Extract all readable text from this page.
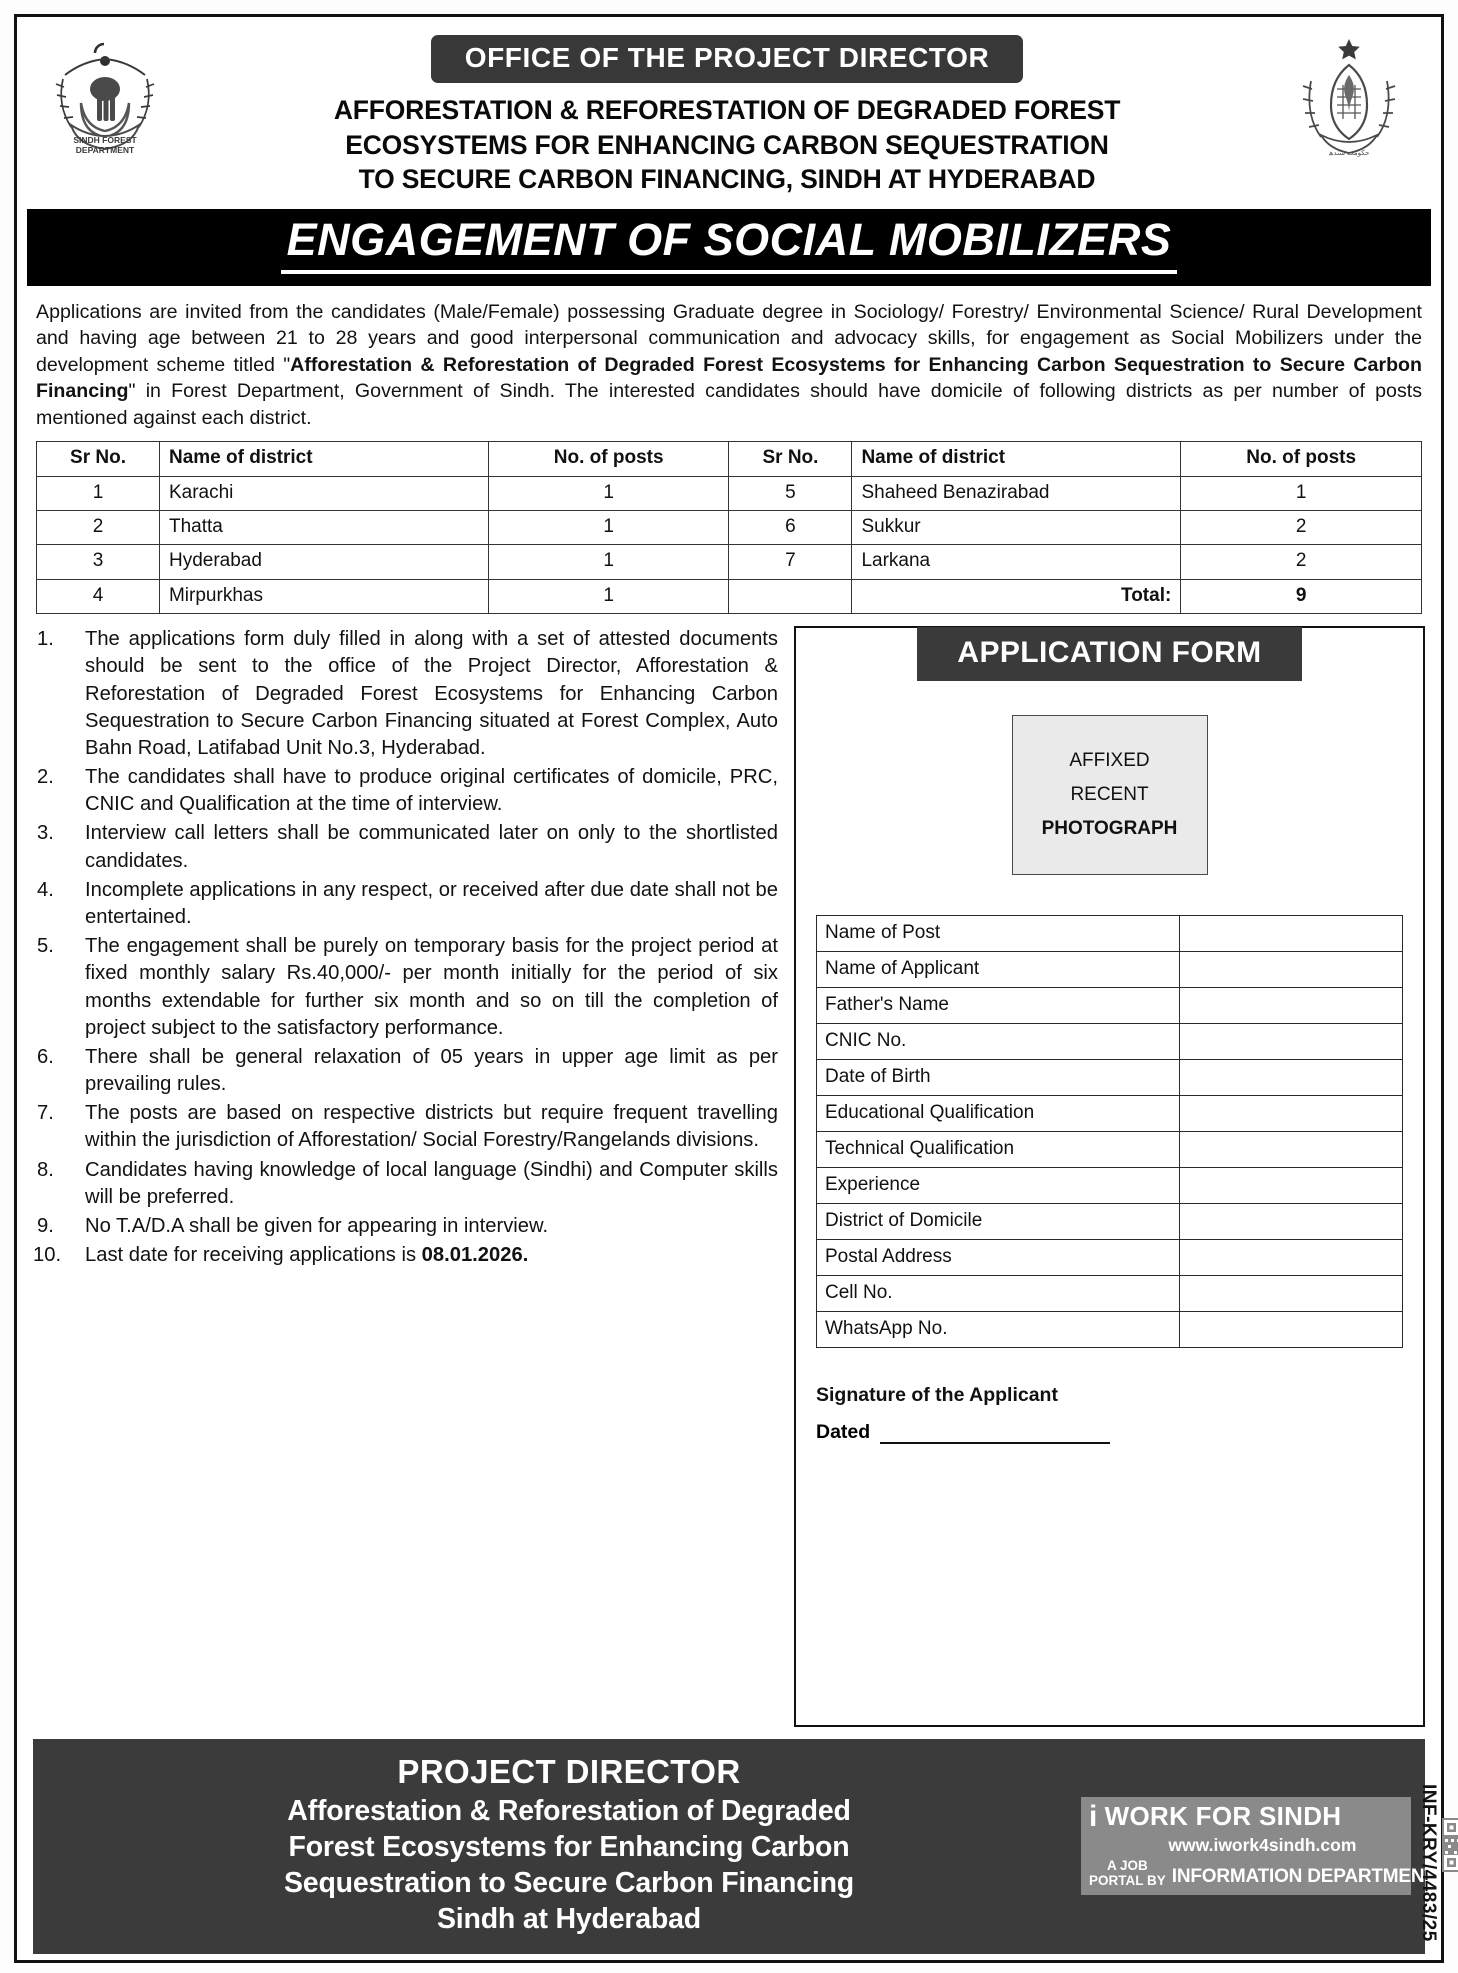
SINDH FOREST
DEPARTMENT
OFFICE OF THE PROJECT DIRECTOR
AFFORESTATION & REFORESTATION OF DEGRADED FOREST
ECOSYSTEMS FOR ENHANCING CARBON SEQUESTRATION
TO SECURE CARBON FINANCING, SINDH AT HYDERABAD
حکومت سندھ
ENGAGEMENT OF SOCIAL MOBILIZERS
Applications are invited from the candidates (Male/Female) possessing Graduate degree in Sociology/ Forestry/ Environmental Science/ Rural Development and having age between 21 to 28 years and good interpersonal communication and advocacy skills, for engagement as Social Mobilizers under the development scheme titled "Afforestation & Reforestation of Degraded Forest Ecosystems for Enhancing Carbon Sequestration to Secure Carbon Financing" in Forest Department, Government of Sindh. The interested candidates should have domicile of following districts as per number of posts mentioned against each district.
Sr No.	Name of district	No. of posts	Sr No.	Name of district	No. of posts
1	Karachi	1	5	Shaheed Benazirabad	1
2	Thatta	1	6	Sukkur	2
3	Hyderabad	1	7	Larkana	2
4	Mirpurkhas	1		Total:	9
1.	The applications form duly filled in along with a set of attested documents should be sent to the office of the Project Director, Afforestation & Reforestation of Degraded Forest Ecosystems for Enhancing Carbon Sequestration to Secure Carbon Financing situated at Forest Complex, Auto Bahn Road, Latifabad Unit No.3, Hyderabad.
2.	The candidates shall have to produce original certificates of domicile, PRC, CNIC and Qualification at the time of interview.
3.	Interview call letters shall be communicated later on only to the shortlisted candidates.
4.	Incomplete applications in any respect, or received after due date shall not be entertained.
5.	The engagement shall be purely on temporary basis for the project period at fixed monthly salary Rs.40,000/- per month initially for the period of six months extendable for further six month and so on till the completion of project subject to the satisfactory performance.
6.	There shall be general relaxation of 05 years in upper age limit as per prevailing rules.
7.	The posts are based on respective districts but require frequent travelling within the jurisdiction of Afforestation/ Social Forestry/Rangelands divisions.
8.	Candidates having knowledge of local language (Sindhi) and Computer skills will be preferred.
9.	No T.A/D.A shall be given for appearing in interview.
10.	Last date for receiving applications is 08.01.2026.
APPLICATION FORM
AFFIXED
RECENT
PHOTOGRAPH
Name of Post	
Name of Applicant	
Father's Name	
CNIC No.	
Date of Birth	
Educational Qualification	
Technical Qualification	
Experience	
District of Domicile	
Postal Address	
Cell No.	
WhatsApp No.	
Signature of the Applicant
Dated
PROJECT DIRECTOR
Afforestation & Reforestation of Degraded
Forest Ecosystems for Enhancing Carbon
Sequestration to Secure Carbon Financing
Sindh at Hyderabad
i WORK FOR SINDH
www.iwork4sindh.com
A JOB
PORTAL BY INFORMATION DEPARTMENT
INF-KRY/4483/25
